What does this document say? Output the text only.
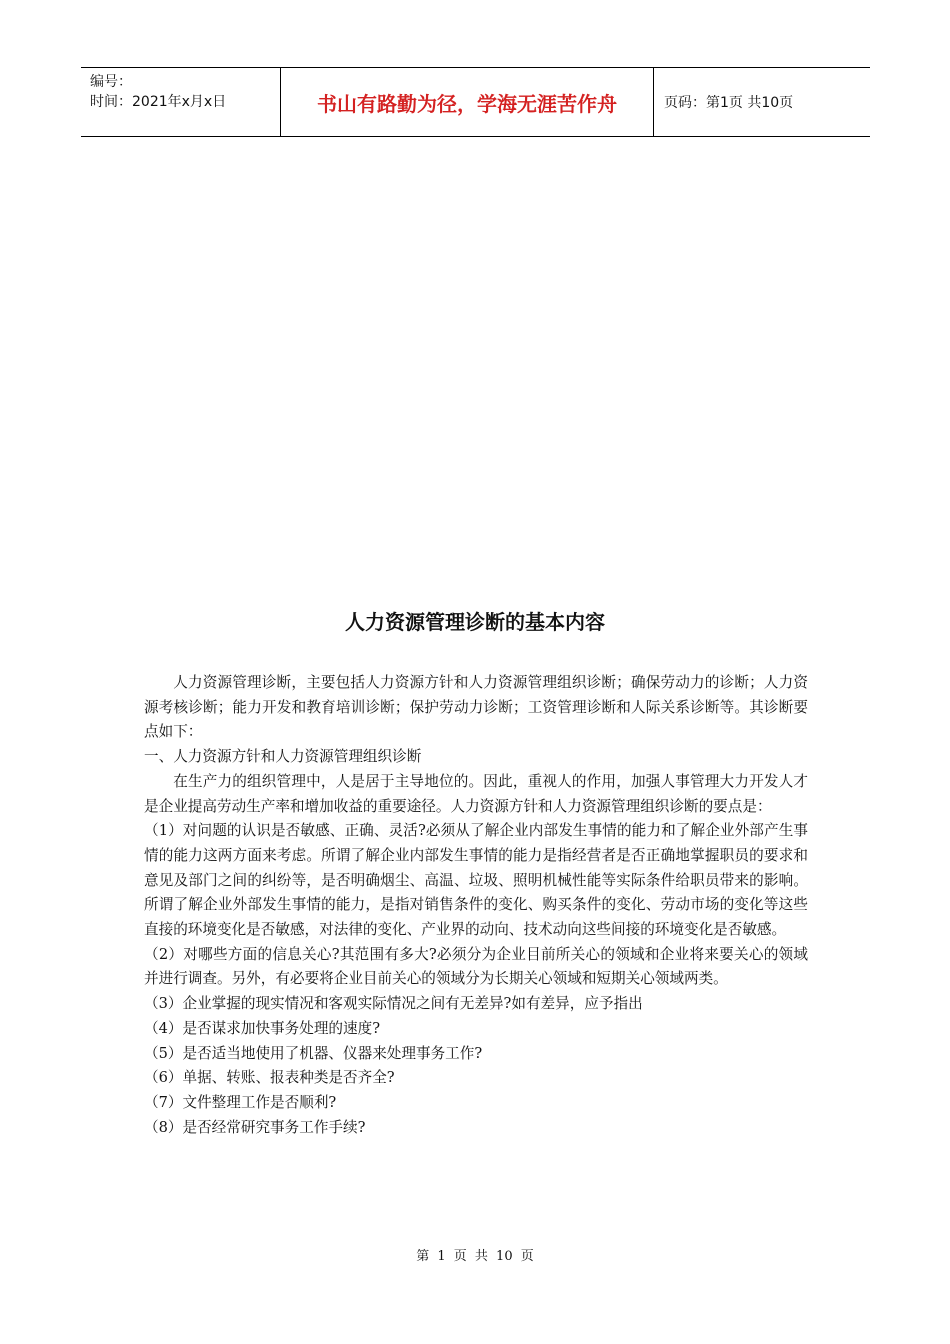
编号：
时间：2021年x月x日	书山有路勤为径，学海无涯苦作舟	页码：第1页 共10页
人力资源管理诊断的基本内容

人力资源管理诊断，主要包括人力资源方针和人力资源管理组织诊断；确保劳动力的诊断；人力资源考核诊断；能力开发和教育培训诊断；保护劳动力诊断；工资管理诊断和人际关系诊断等。其诊断要点如下：

一、人力资源方针和人力资源管理组织诊断

在生产力的组织管理中，人是居于主导地位的。因此，重视人的作用，加强人事管理大力开发人才是企业提高劳动生产率和增加收益的重要途径。人力资源方针和人力资源管理组织诊断的要点是：

（1）对问题的认识是否敏感、正确、灵活?必须从了解企业内部发生事情的能力和了解企业外部产生事情的能力这两方面来考虑。所谓了解企业内部发生事情的能力是指经营者是否正确地掌握职员的要求和意见及部门之间的纠纷等，是否明确烟尘、高温、垃圾、照明机械性能等实际条件给职员带来的影响。所谓了解企业外部发生事情的能力，是指对销售条件的变化、购买条件的变化、劳动市场的变化等这些直接的环境变化是否敏感，对法律的变化、产业界的动向、技术动向这些间接的环境变化是否敏感。

（2）对哪些方面的信息关心?其范围有多大?必须分为企业目前所关心的领域和企业将来要关心的领域并进行调查。另外，有必要将企业目前关心的领域分为长期关心领域和短期关心领域两类。

（3）企业掌握的现实情况和客观实际情况之间有无差异?如有差异，应予指出

（4）是否谋求加快事务处理的速度?

（5）是否适当地使用了机器、仪器来处理事务工作?

（6）单据、转账、报表种类是否齐全?

（7）文件整理工作是否顺利?

（8）是否经常研究事务工作手续?

第 1 页 共 10 页
